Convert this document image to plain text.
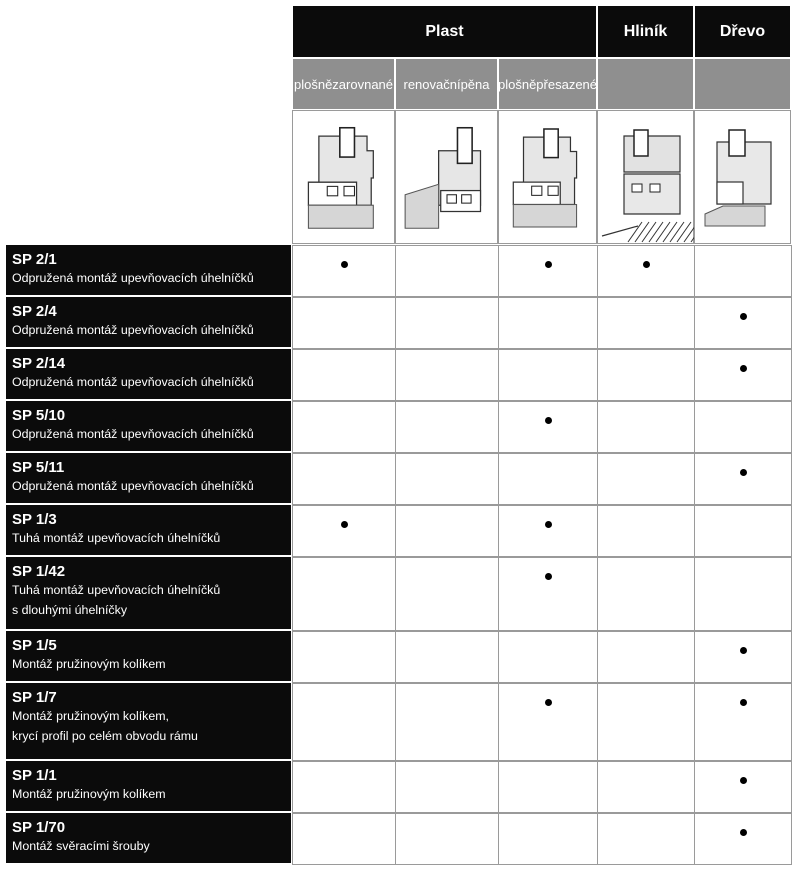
Plast	Hliník	Dřevo
plošně zarovnané renovační pěna plošně přesazené
SP 2/1
Odpružená montáž upevňovacích úhelníčků
SP 2/4
Odpružená montáž upevňovacích úhelníčků
SP 2/14
Odpružená montáž upevňovacích úhelníčků
SP 5/10
Odpružená montáž upevňovacích úhelníčků
SP 5/11
Odpružená montáž upevňovacích úhelníčků
SP 1/3
Tuhá montáž upevňovacích úhelníčků
SP 1/42
Tuhá montáž upevňovacích úhelníčků
s dlouhými úhelníčky
SP 1/5
Montáž pružinovým kolíkem
SP 1/7
Montáž pružinovým kolíkem,
krycí profil po celém obvodu rámu
SP 1/1
Montáž pružinovým kolíkem
SP 1/70
Montáž svěracími šrouby
